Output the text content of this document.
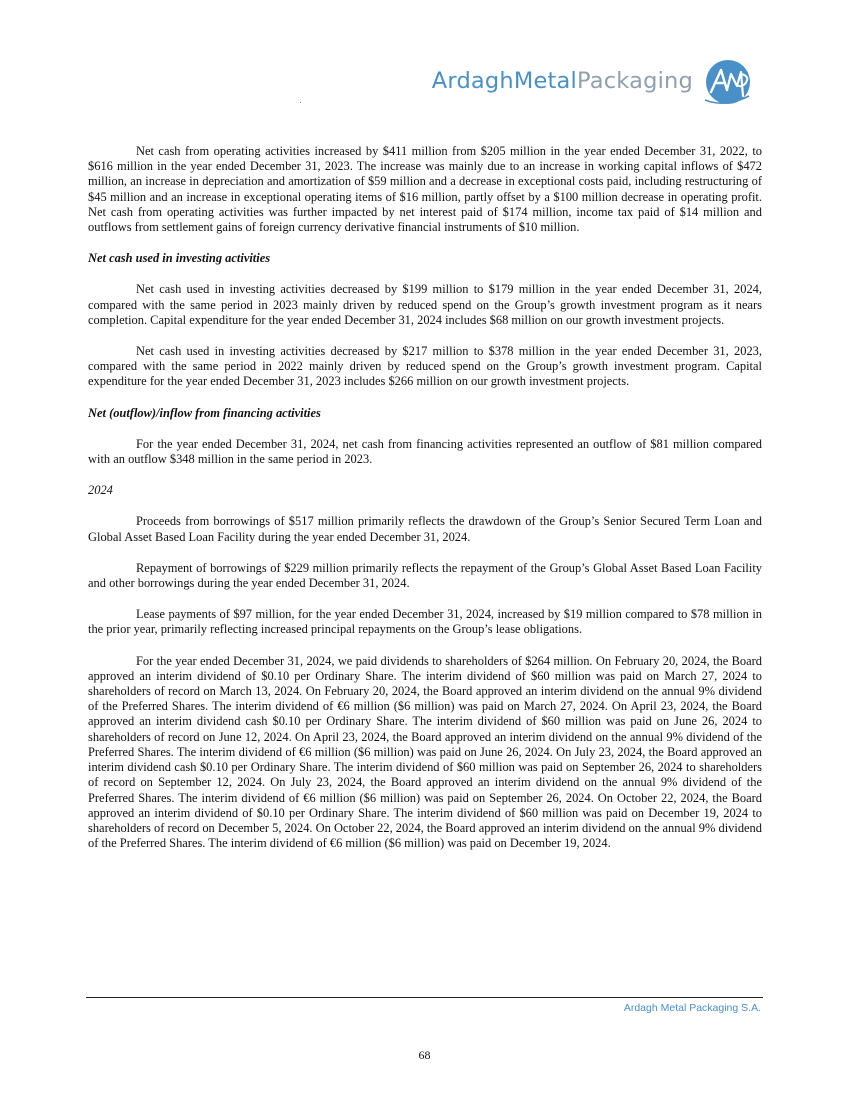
ArdaghMetalPackaging

Net cash from operating activities increased by $411 million from $205 million in the year ended December 31, 2022, to $616 million in the year ended December 31, 2023. The increase was mainly due to an increase in working capital inflows of $472 million, an increase in depreciation and amortization of $59 million and a decrease in exceptional costs paid, including restructuring of $45 million and an increase in exceptional operating items of $16 million, partly offset by a $100 million decrease in operating profit. Net cash from operating activities was further impacted by net interest paid of $174 million, income tax paid of $14 million and outflows from settlement gains of foreign currency derivative financial instruments of $10 million.

Net cash used in investing activities

Net cash used in investing activities decreased by $199 million to $179 million in the year ended December 31, 2024, compared with the same period in 2023 mainly driven by reduced spend on the Group’s growth investment program as it nears completion. Capital expenditure for the year ended December 31, 2024 includes $68 million on our growth investment projects.

Net cash used in investing activities decreased by $217 million to $378 million in the year ended December 31, 2023, compared with the same period in 2022 mainly driven by reduced spend on the Group’s growth investment program. Capital expenditure for the year ended December 31, 2023 includes $266 million on our growth investment projects.

Net (outflow)/inflow from financing activities

For the year ended December 31, 2024, net cash from financing activities represented an outflow of $81 million compared with an outflow $348 million in the same period in 2023.

2024

Proceeds from borrowings of $517 million primarily reflects the drawdown of the Group’s Senior Secured Term Loan and Global Asset Based Loan Facility during the year ended December 31, 2024.

Repayment of borrowings of $229 million primarily reflects the repayment of the Group’s Global Asset Based Loan Facility and other borrowings during the year ended December 31, 2024.

Lease payments of $97 million, for the year ended December 31, 2024, increased by $19 million compared to $78 million in the prior year, primarily reflecting increased principal repayments on the Group’s lease obligations.

For the year ended December 31, 2024, we paid dividends to shareholders of $264 million. On February 20, 2024, the Board approved an interim dividend of $0.10 per Ordinary Share. The interim dividend of $60 million was paid on March 27, 2024 to shareholders of record on March 13, 2024. On February 20, 2024, the Board approved an interim dividend on the annual 9% dividend of the Preferred Shares. The interim dividend of €6 million ($6 million) was paid on March 27, 2024. On April 23, 2024, the Board approved an interim dividend cash $0.10 per Ordinary Share. The interim dividend of $60 million was paid on June 26, 2024 to shareholders of record on June 12, 2024. On April 23, 2024, the Board approved an interim dividend on the annual 9% dividend of the Preferred Shares. The interim dividend of €6 million ($6 million) was paid on June 26, 2024. On July 23, 2024, the Board approved an interim dividend cash $0.10 per Ordinary Share. The interim dividend of $60 million was paid on September 26, 2024 to shareholders of record on September 12, 2024. On July 23, 2024, the Board approved an interim dividend on the annual 9% dividend of the Preferred Shares. The interim dividend of €6 million ($6 million) was paid on September 26, 2024. On October 22, 2024, the Board approved an interim dividend of $0.10 per Ordinary Share. The interim dividend of $60 million was paid on December 19, 2024 to shareholders of record on December 5, 2024. On October 22, 2024, the Board approved an interim dividend on the annual 9% dividend of the Preferred Shares. The interim dividend of €6 million ($6 million) was paid on December 19, 2024.

Ardagh Metal Packaging S.A.
68
